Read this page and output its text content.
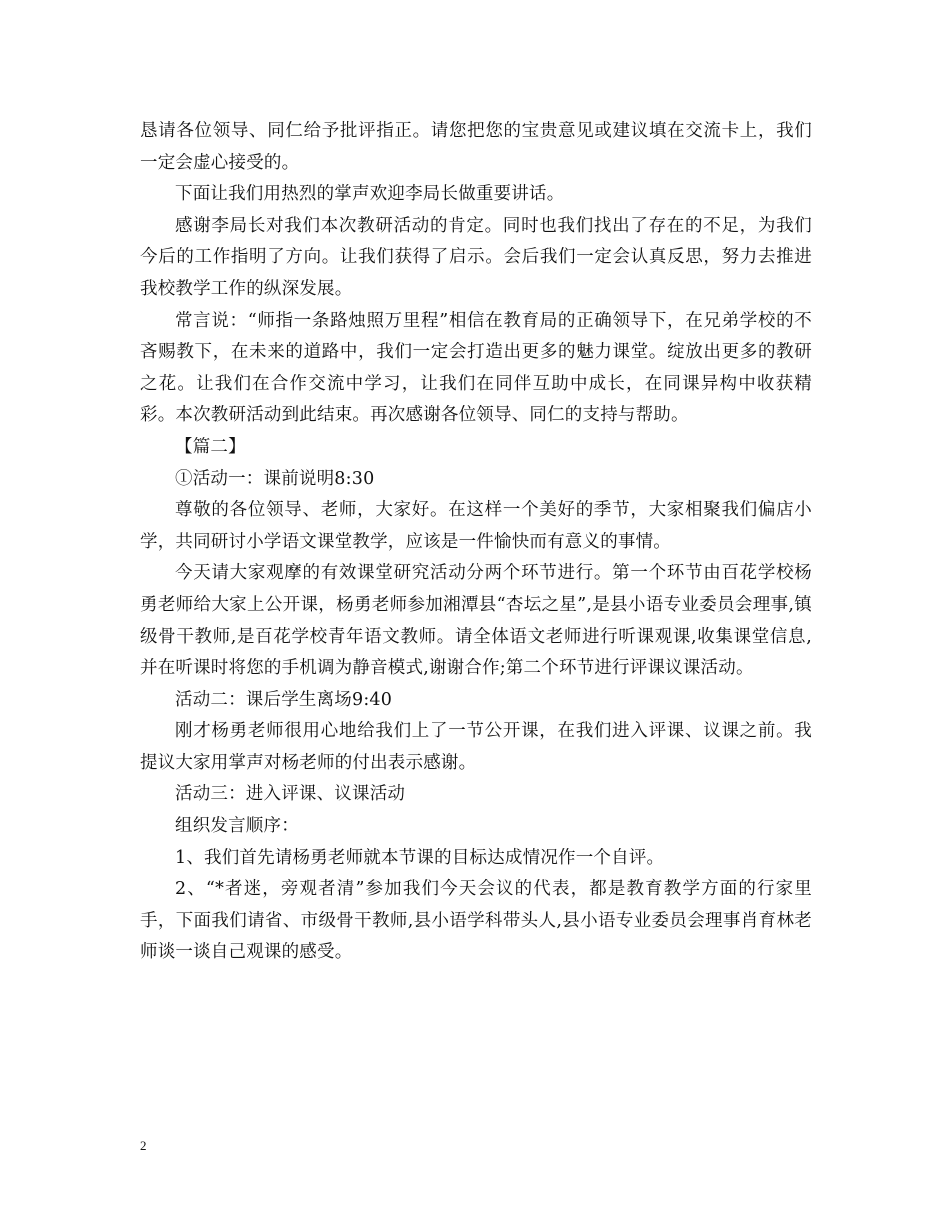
恳请各位领导、同仁给予批评指正。请您把您的宝贵意见或建议填在交流卡上，我们一定会虚心接受的。

下面让我们用热烈的掌声欢迎李局长做重要讲话。

感谢李局长对我们本次教研活动的肯定。同时也我们找出了存在的不足，为我们今后的工作指明了方向。让我们获得了启示。会后我们一定会认真反思，努力去推进我校教学工作的纵深发展。

常言说：“师指一条路烛照万里程”相信在教育局的正确领导下，在兄弟学校的不吝赐教下，在未来的道路中，我们一定会打造出更多的魅力课堂。绽放出更多的教研之花。让我们在合作交流中学习，让我们在同伴互助中成长，在同课异构中收获精彩。本次教研活动到此结束。再次感谢各位领导、同仁的支持与帮助。

【篇二】

①活动一：课前说明8:30

尊敬的各位领导、老师，大家好。在这样一个美好的季节，大家相聚我们偏店小学，共同研讨小学语文课堂教学，应该是一件愉快而有意义的事情。

今天请大家观摩的有效课堂研究活动分两个环节进行。第一个环节由百花学校杨勇老师给大家上公开课，杨勇老师参加湘潭县“杏坛之星”,是县小语专业委员会理事,镇级骨干教师,是百花学校青年语文教师。请全体语文老师进行听课观课,收集课堂信息,并在听课时将您的手机调为静音模式,谢谢合作;第二个环节进行评课议课活动。

活动二：课后学生离场9:40

刚才杨勇老师很用心地给我们上了一节公开课，在我们进入评课、议课之前。我提议大家用掌声对杨老师的付出表示感谢。

活动三：进入评课、议课活动

组织发言顺序：

1、我们首先请杨勇老师就本节课的目标达成情况作一个自评。

2、“*者迷，旁观者清”参加我们今天会议的代表，都是教育教学方面的行家里手，下面我们请省、市级骨干教师,县小语学科带头人,县小语专业委员会理事肖育林老师谈一谈自己观课的感受。

2
